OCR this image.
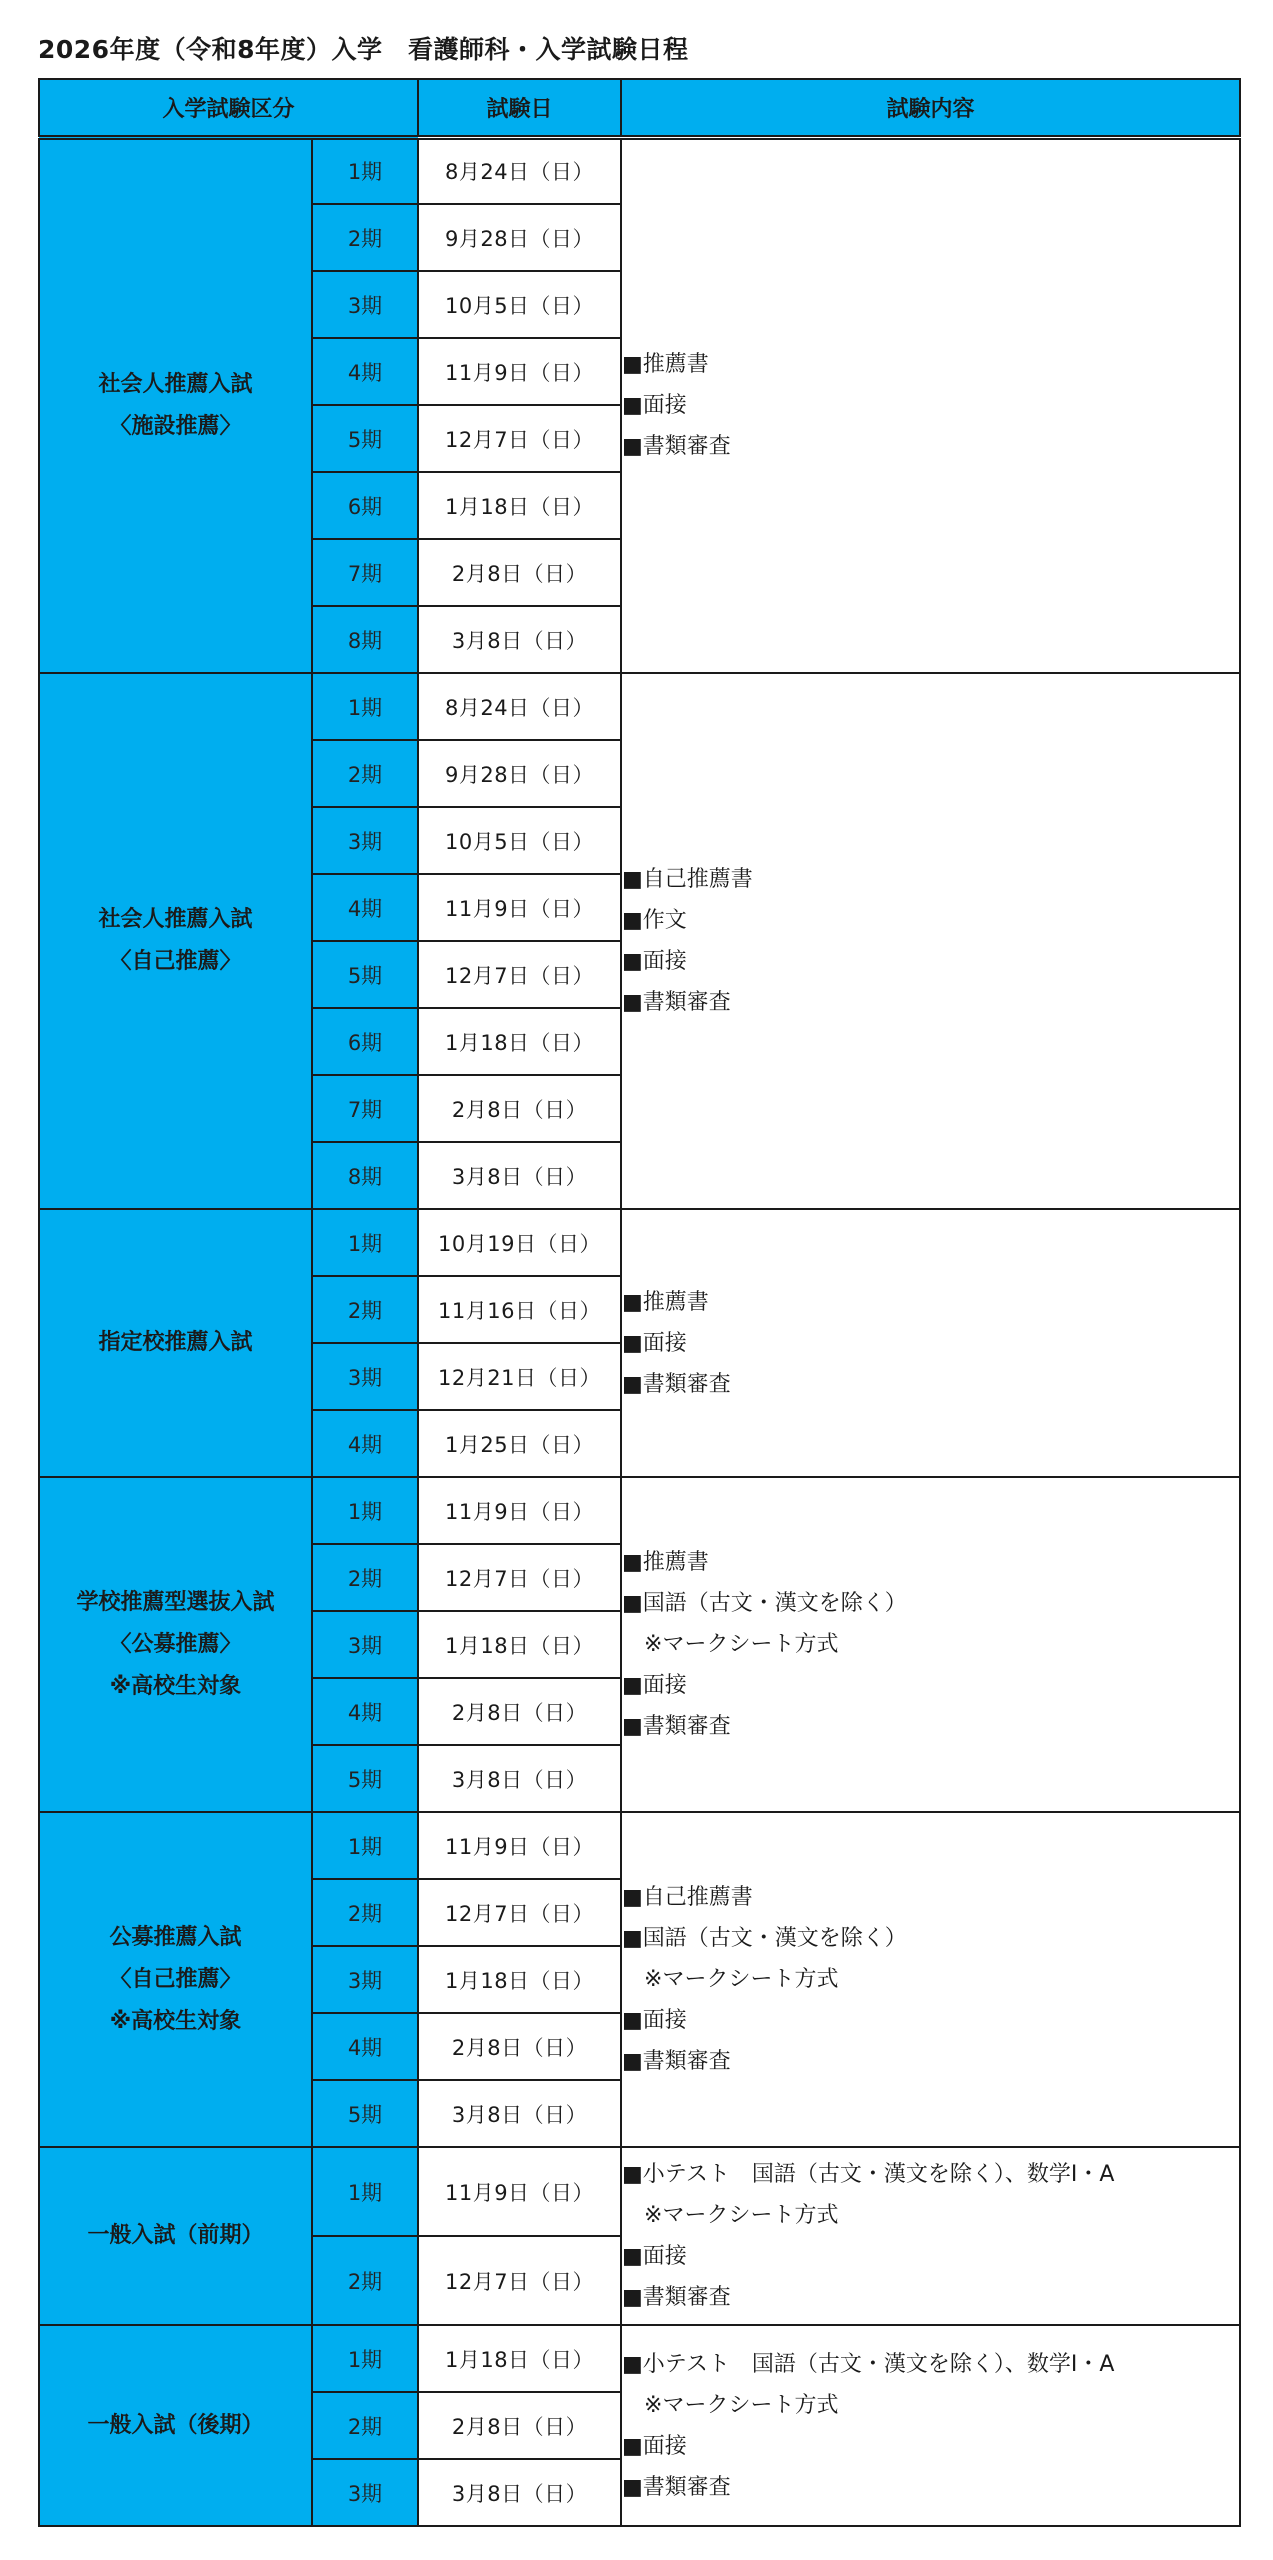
2026年度（令和8年度）入学　看護師科・入学試験日程
入学試験区分		試験日	試験内容

社会人推薦入試
〈施設推薦〉	1期	8月24日（日）	■推薦書
■面接
■書類審査

	2期	9月28日（日）	
	3期	10月5日（日）	
	4期	11月9日（日）	
	5期	12月7日（日）	
	6期	1月18日（日）	
	7期	2月8日（日）	
	8期	3月8日（日）	

社会人推薦入試
〈自己推薦〉	1期	8月24日（日）	■自己推薦書
■作文
■面接
■書類審査

	2期	9月28日（日）	
	3期	10月5日（日）	
	4期	11月9日（日）	
	5期	12月7日（日）	
	6期	1月18日（日）	
	7期	2月8日（日）	
	8期	3月8日（日）	

指定校推薦入試	1期	10月19日（日）	■推薦書
■面接
■書類審査

	2期	11月16日（日）	
	3期	12月21日（日）	
	4期	1月25日（日）	

学校推薦型選抜入試
〈公募推薦〉
※高校生対象	1期	11月9日（日）	■推薦書
■国語（古文・漢文を除く）
　※マークシート方式
■面接
■書類審査

	2期	12月7日（日）	
	3期	1月18日（日）	
	4期	2月8日（日）	
	5期	3月8日（日）	

公募推薦入試
〈自己推薦〉
※高校生対象	1期	11月9日（日）	■自己推薦書
■国語（古文・漢文を除く）
　※マークシート方式
■面接
■書類審査

	2期	12月7日（日）	
	3期	1月18日（日）	
	4期	2月8日（日）	
	5期	3月8日（日）	

一般入試（前期）	1期	11月9日（日）	■小テスト　国語（古文・漢文を除く）、数学Ⅰ・A
　※マークシート方式
■面接
■書類審査

	2期	12月7日（日）	

一般入試（後期）	1期	1月18日（日）	■小テスト　国語（古文・漢文を除く）、数学Ⅰ・A
　※マークシート方式
■面接
■書類審査

	2期	2月8日（日）	
	3期	3月8日（日）	
